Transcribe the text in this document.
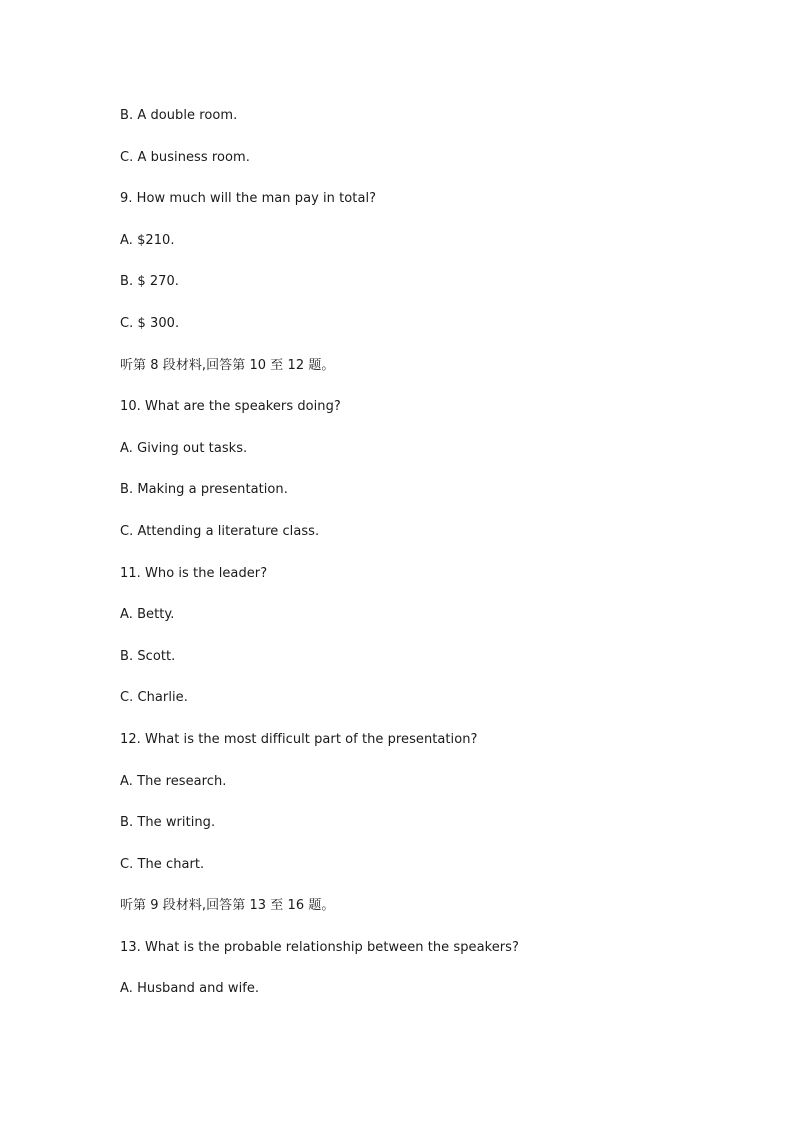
B. A double room.
C. A business room.
9. How much will the man pay in total?
A. $210.
B. $ 270.
C. $ 300.
听第 8 段材料,回答第 10 至 12 题。
10. What are the speakers doing?
A. Giving out tasks.
B. Making a presentation.
C. Attending a literature class.
11. Who is the leader?
A. Betty.
B. Scott.
C. Charlie.
12. What is the most difficult part of the presentation?
A. The research.
B. The writing.
C. The chart.
听第 9 段材料,回答第 13 至 16 题。
13. What is the probable relationship between the speakers?
A. Husband and wife.
